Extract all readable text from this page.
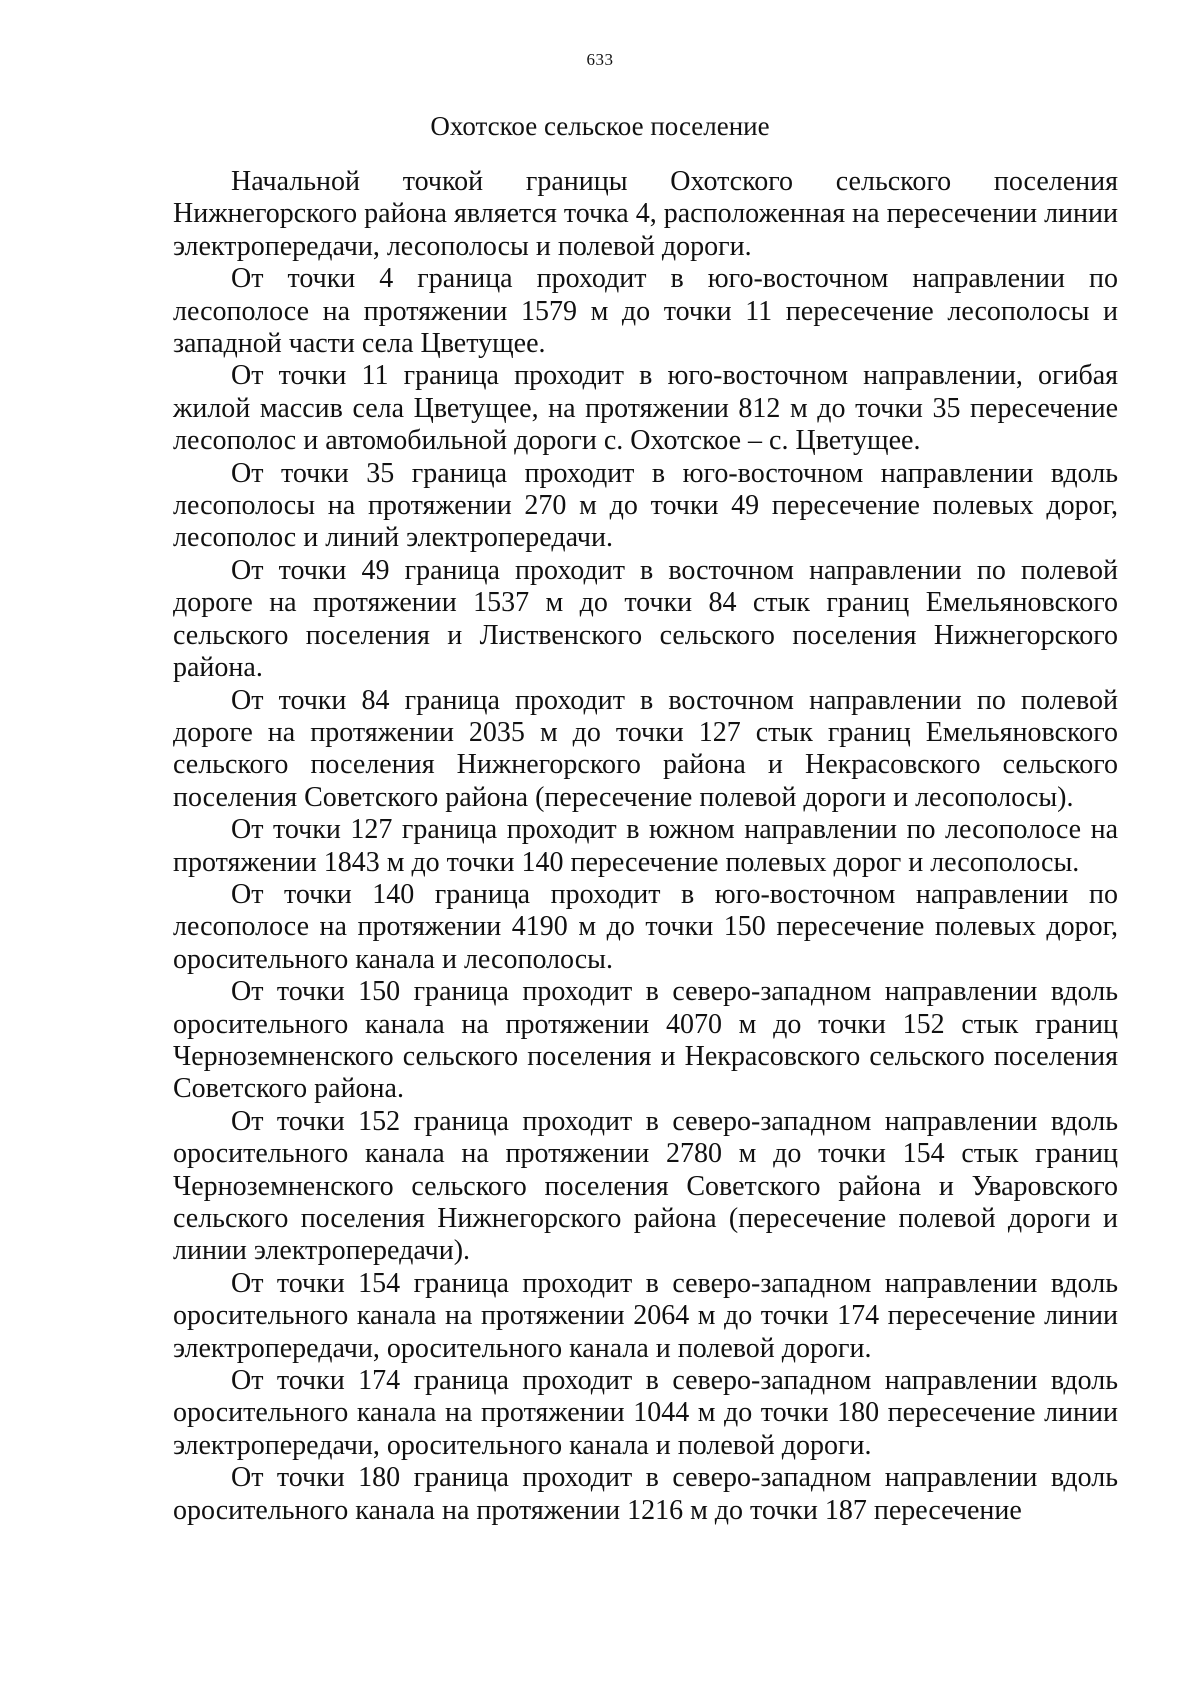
633
Охотское сельское поселение

Начальной точкой границы Охотского сельского поселения Нижнегорского района является точка 4, расположенная на пересечении линии электропередачи, лесополосы и полевой дороги.

От точки 4 граница проходит в юго-восточном направлении по лесополосе на протяжении 1579 м до точки 11 пересечение лесополосы и западной части села Цветущее.

От точки 11 граница проходит в юго-восточном направлении, огибая жилой массив села Цветущее, на протяжении 812 м до точки 35 пересечение лесополос и автомобильной дороги с. Охотское – с. Цветущее.

От точки 35 граница проходит в юго-восточном направлении вдоль лесополосы на протяжении 270 м до точки 49 пересечение полевых дорог, лесополос и линий электропередачи.

От точки 49 граница проходит в восточном направлении по полевой дороге на протяжении 1537 м до точки 84 стык границ Емельяновского сельского поселения и Лиственского сельского поселения Нижнегорского района.

От точки 84 граница проходит в восточном направлении по полевой дороге на протяжении 2035 м до точки 127 стык границ Емельяновского сельского поселения Нижнегорского района и Некрасовского сельского поселения Советского района (пересечение полевой дороги и лесополосы).

От точки 127 граница проходит в южном направлении по лесополосе на протяжении 1843 м до точки 140 пересечение полевых дорог и лесополосы.

От точки 140 граница проходит в юго-восточном направлении по лесополосе на протяжении 4190 м до точки 150 пересечение полевых дорог, оросительного канала и лесополосы.

От точки 150 граница проходит в северо-западном направлении вдоль оросительного канала на протяжении 4070 м до точки 152 стык границ Черноземненского сельского поселения и Некрасовского сельского поселения Советского района.

От точки 152 граница проходит в северо-западном направлении вдоль оросительного канала на протяжении 2780 м до точки 154 стык границ Черноземненского сельского поселения Советского района и Уваровского сельского поселения Нижнегорского района (пересечение полевой дороги и линии электропередачи).

От точки 154 граница проходит в северо-западном направлении вдоль оросительного канала на протяжении 2064 м до точки 174 пересечение линии электропередачи, оросительного канала и полевой дороги.

От точки 174 граница проходит в северо-западном направлении вдоль оросительного канала на протяжении 1044 м до точки 180 пересечение линии электропередачи, оросительного канала и полевой дороги.

От точки 180 граница проходит в северо-западном направлении вдоль оросительного канала на протяжении 1216 м до точки 187 пересечение
